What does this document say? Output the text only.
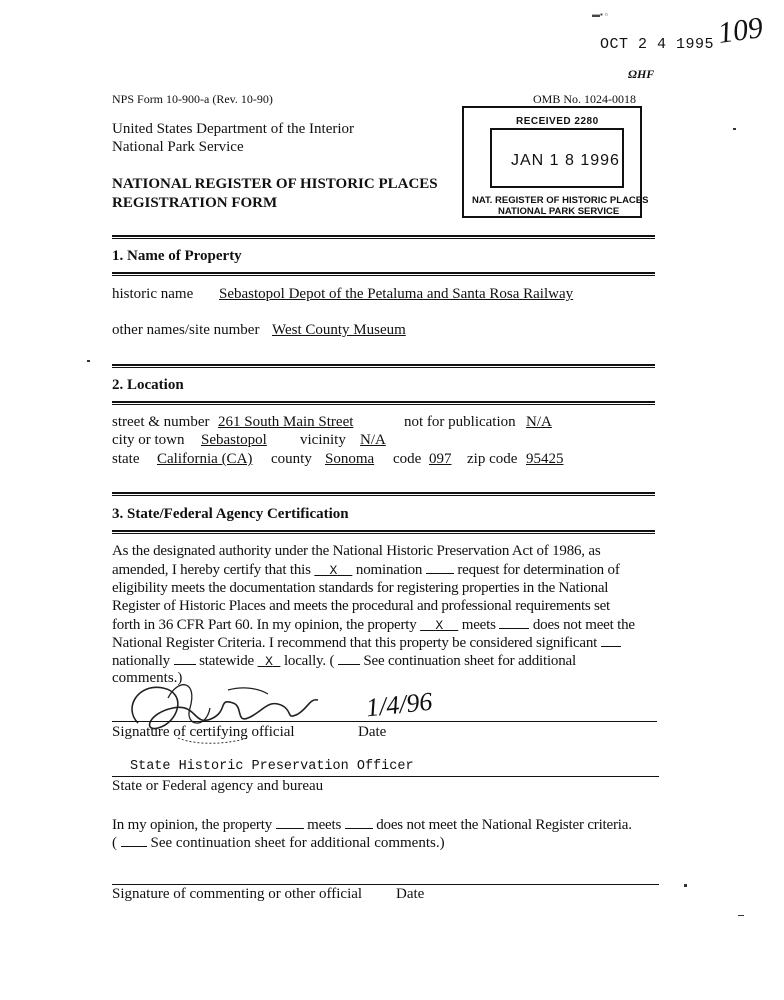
OCT 2 4 1995 109
ΩHF
▬▪ ▫
NPS Form 10-900-a (Rev. 10-90)	OMB No. 1024-0018
United States Department of the Interior
National Park Service
NATIONAL REGISTER OF HISTORIC PLACES
REGISTRATION FORM
RECEIVED 2280
JAN 1 8 1996
NAT. REGISTER OF HISTORIC PLACES
NATIONAL PARK SERVICE
1. Name of Property
historic name Sebastopol Depot of the Petaluma and Santa Rosa Railway
other names/site number West County Museum
2. Location
street & number 261 South Main Street	not for publication N/A
city or town Sebastopol vicinity N/A
state California (CA) county Sonoma code 097 zip code 95425
3. State/Federal Agency Certification
As the designated authority under the National Historic Preservation Act of 1986, as
amended, I hereby certify that this X nomination request for determination of
eligibility meets the documentation standards for registering properties in the National
Register of Historic Places and meets the procedural and professional requirements set
forth in 36 CFR Part 60. In my opinion, the property X meets does not meet the
National Register Criteria. I recommend that this property be considered significant
nationally statewide X locally. ( See continuation sheet for additional
comments.)
1/4/96
Signature of certifying official	Date
State Historic Preservation Officer
State or Federal agency and bureau
In my opinion, the property meets does not meet the National Register criteria.
( See continuation sheet for additional comments.)
Signature of commenting or other official Date
